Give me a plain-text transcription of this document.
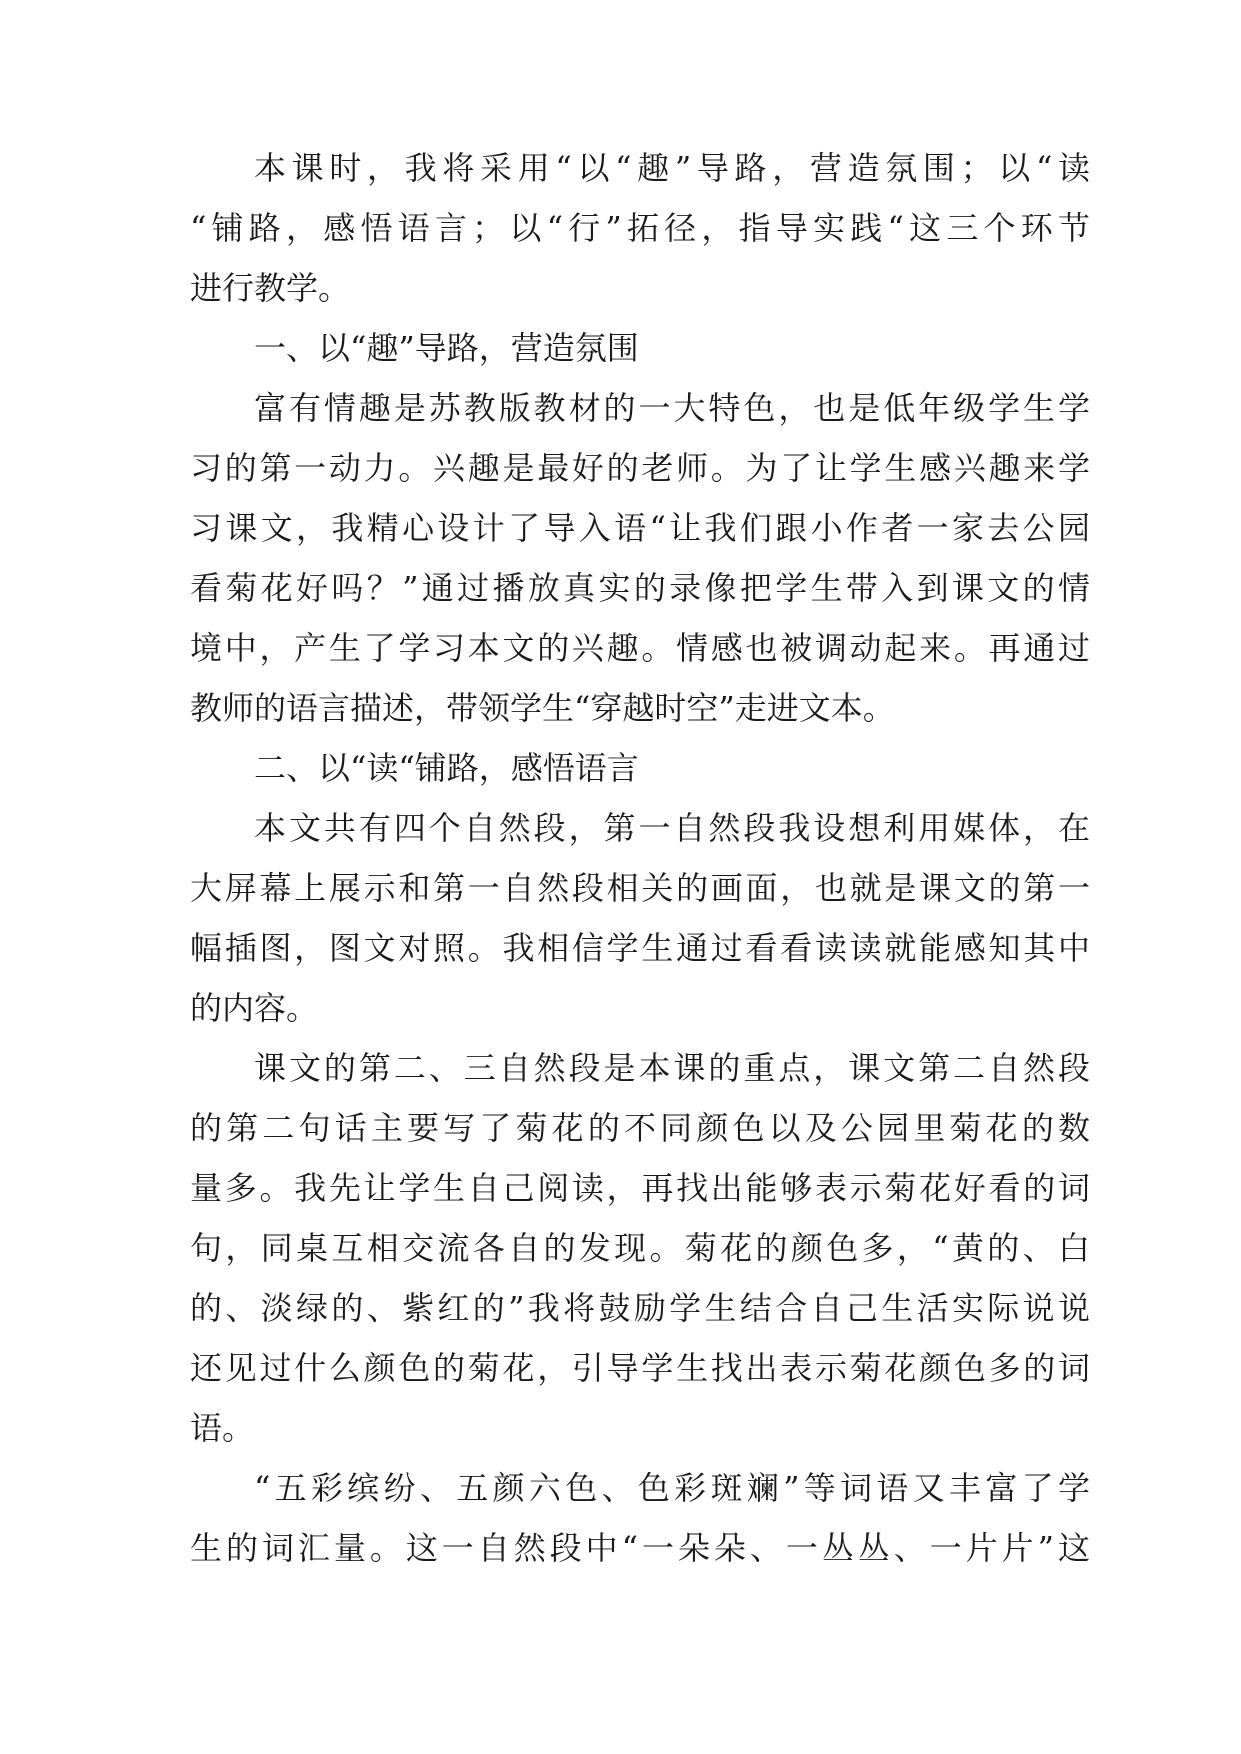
本课时，我将采用“以“趣”导路，营造氛围；以“读

“铺路，感悟语言；以“行”拓径，指导实践“这三个环节

进行教学。

一、以“趣”导路，营造氛围

富有情趣是苏教版教材的一大特色，也是低年级学生学

习的第一动力。兴趣是最好的老师。为了让学生感兴趣来学

习课文，我精心设计了导入语“让我们跟小作者一家去公园

看菊花好吗？”通过播放真实的录像把学生带入到课文的情

境中，产生了学习本文的兴趣。情感也被调动起来。再通过

教师的语言描述，带领学生“穿越时空”走进文本。

二、以“读“铺路，感悟语言

本文共有四个自然段，第一自然段我设想利用媒体，在

大屏幕上展示和第一自然段相关的画面，也就是课文的第一

幅插图，图文对照。我相信学生通过看看读读就能感知其中

的内容。

课文的第二、三自然段是本课的重点，课文第二自然段

的第二句话主要写了菊花的不同颜色以及公园里菊花的数

量多。我先让学生自己阅读，再找出能够表示菊花好看的词

句，同桌互相交流各自的发现。菊花的颜色多，“黄的、白

的、淡绿的、紫红的”我将鼓励学生结合自己生活实际说说

还见过什么颜色的菊花，引导学生找出表示菊花颜色多的词

语。

“五彩缤纷、五颜六色、色彩斑斓”等词语又丰富了学

生的词汇量。这一自然段中“一朵朵、一丛丛、一片片”这
